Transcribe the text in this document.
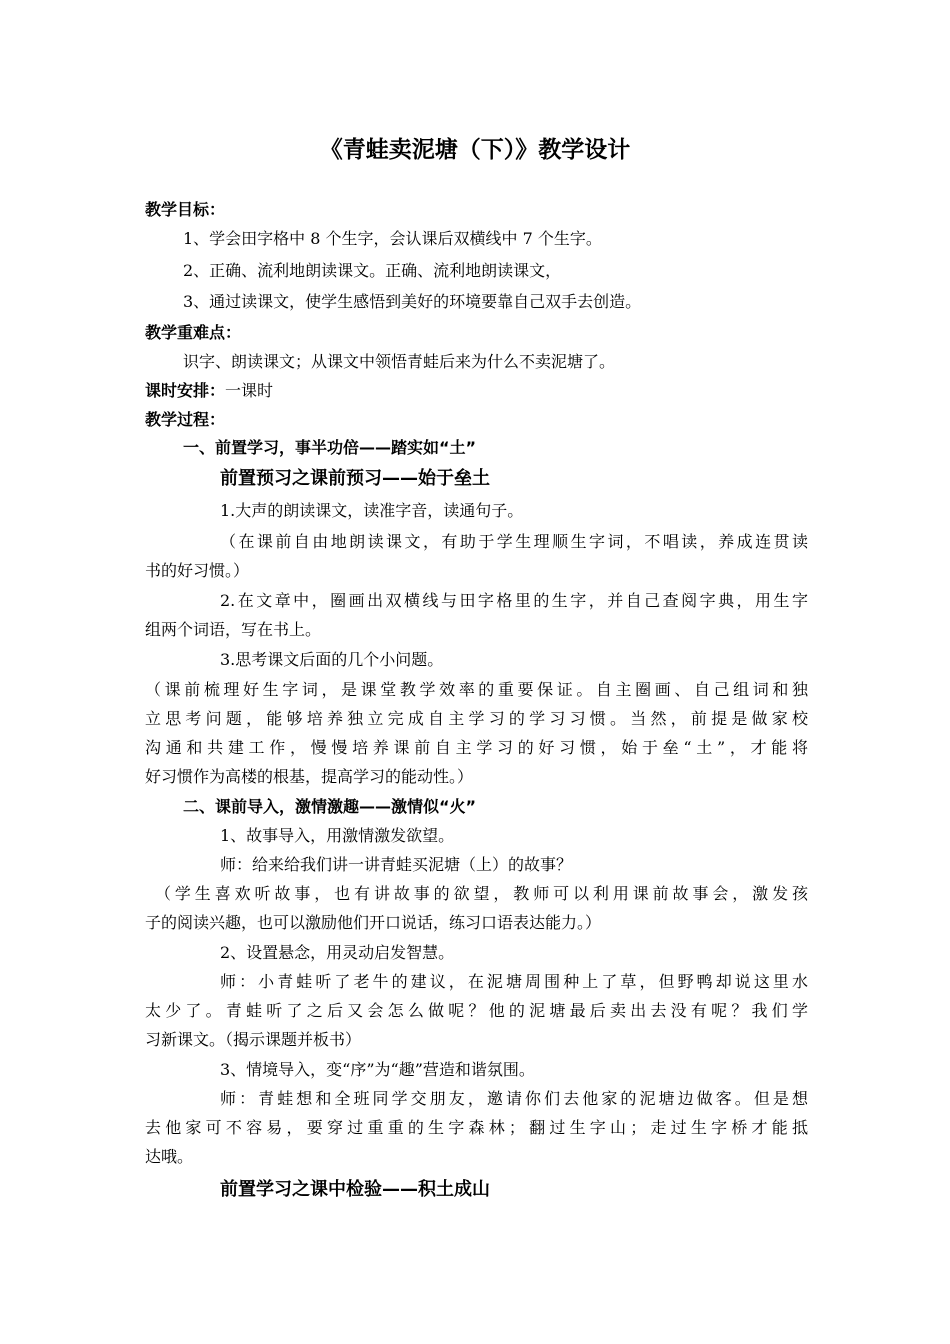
《青蛙卖泥塘（下）》教学设计
教学目标：
1、学会田字格中 8 个生字，会认课后双横线中 7 个生字。
2、正确、流利地朗读课文。正确、流利地朗读课文，
3、通过读课文，使学生感悟到美好的环境要靠自己双手去创造。
教学重难点：
识字、朗读课文；从课文中领悟青蛙后来为什么不卖泥塘了。
课时安排：一课时
教学过程：
一、前置学习，事半功倍——踏实如“土”
前置预习之课前预习——始于垒土
1.大声的朗读课文，读准字音，读通句子。
（在课前自由地朗读课文，有助于学生理顺生字词，不唱读，养成连贯读
书的好习惯。）
2.在文章中，圈画出双横线与田字格里的生字，并自己查阅字典，用生字
组两个词语，写在书上。
3.思考课文后面的几个小问题。
（课前梳理好生字词，是课堂教学效率的重要保证。自主圈画、自己组词和独
立思考问题，能够培养独立完成自主学习的学习习惯。当然，前提是做家校
沟通和共建工作，慢慢培养课前自主学习的好习惯，始于垒“土”，才能将
好习惯作为高楼的根基，提高学习的能动性。）
二、课前导入，激情激趣——激情似“火”
1、故事导入，用激情激发欲望。
师：给来给我们讲一讲青蛙买泥塘（上）的故事？
（学生喜欢听故事，也有讲故事的欲望，教师可以利用课前故事会，激发孩
子的阅读兴趣，也可以激励他们开口说话，练习口语表达能力。）
2、设置悬念，用灵动启发智慧。
师：小青蛙听了老牛的建议，在泥塘周围种上了草，但野鸭却说这里水
太少了。青蛙听了之后又会怎么做呢？他的泥塘最后卖出去没有呢？我们学
习新课文。（揭示课题并板书）
3、情境导入，变“序”为“趣”营造和谐氛围。
师：青蛙想和全班同学交朋友，邀请你们去他家的泥塘边做客。但是想
去他家可不容易，要穿过重重的生字森林；翻过生字山；走过生字桥才能抵
达哦。
前置学习之课中检验——积土成山
